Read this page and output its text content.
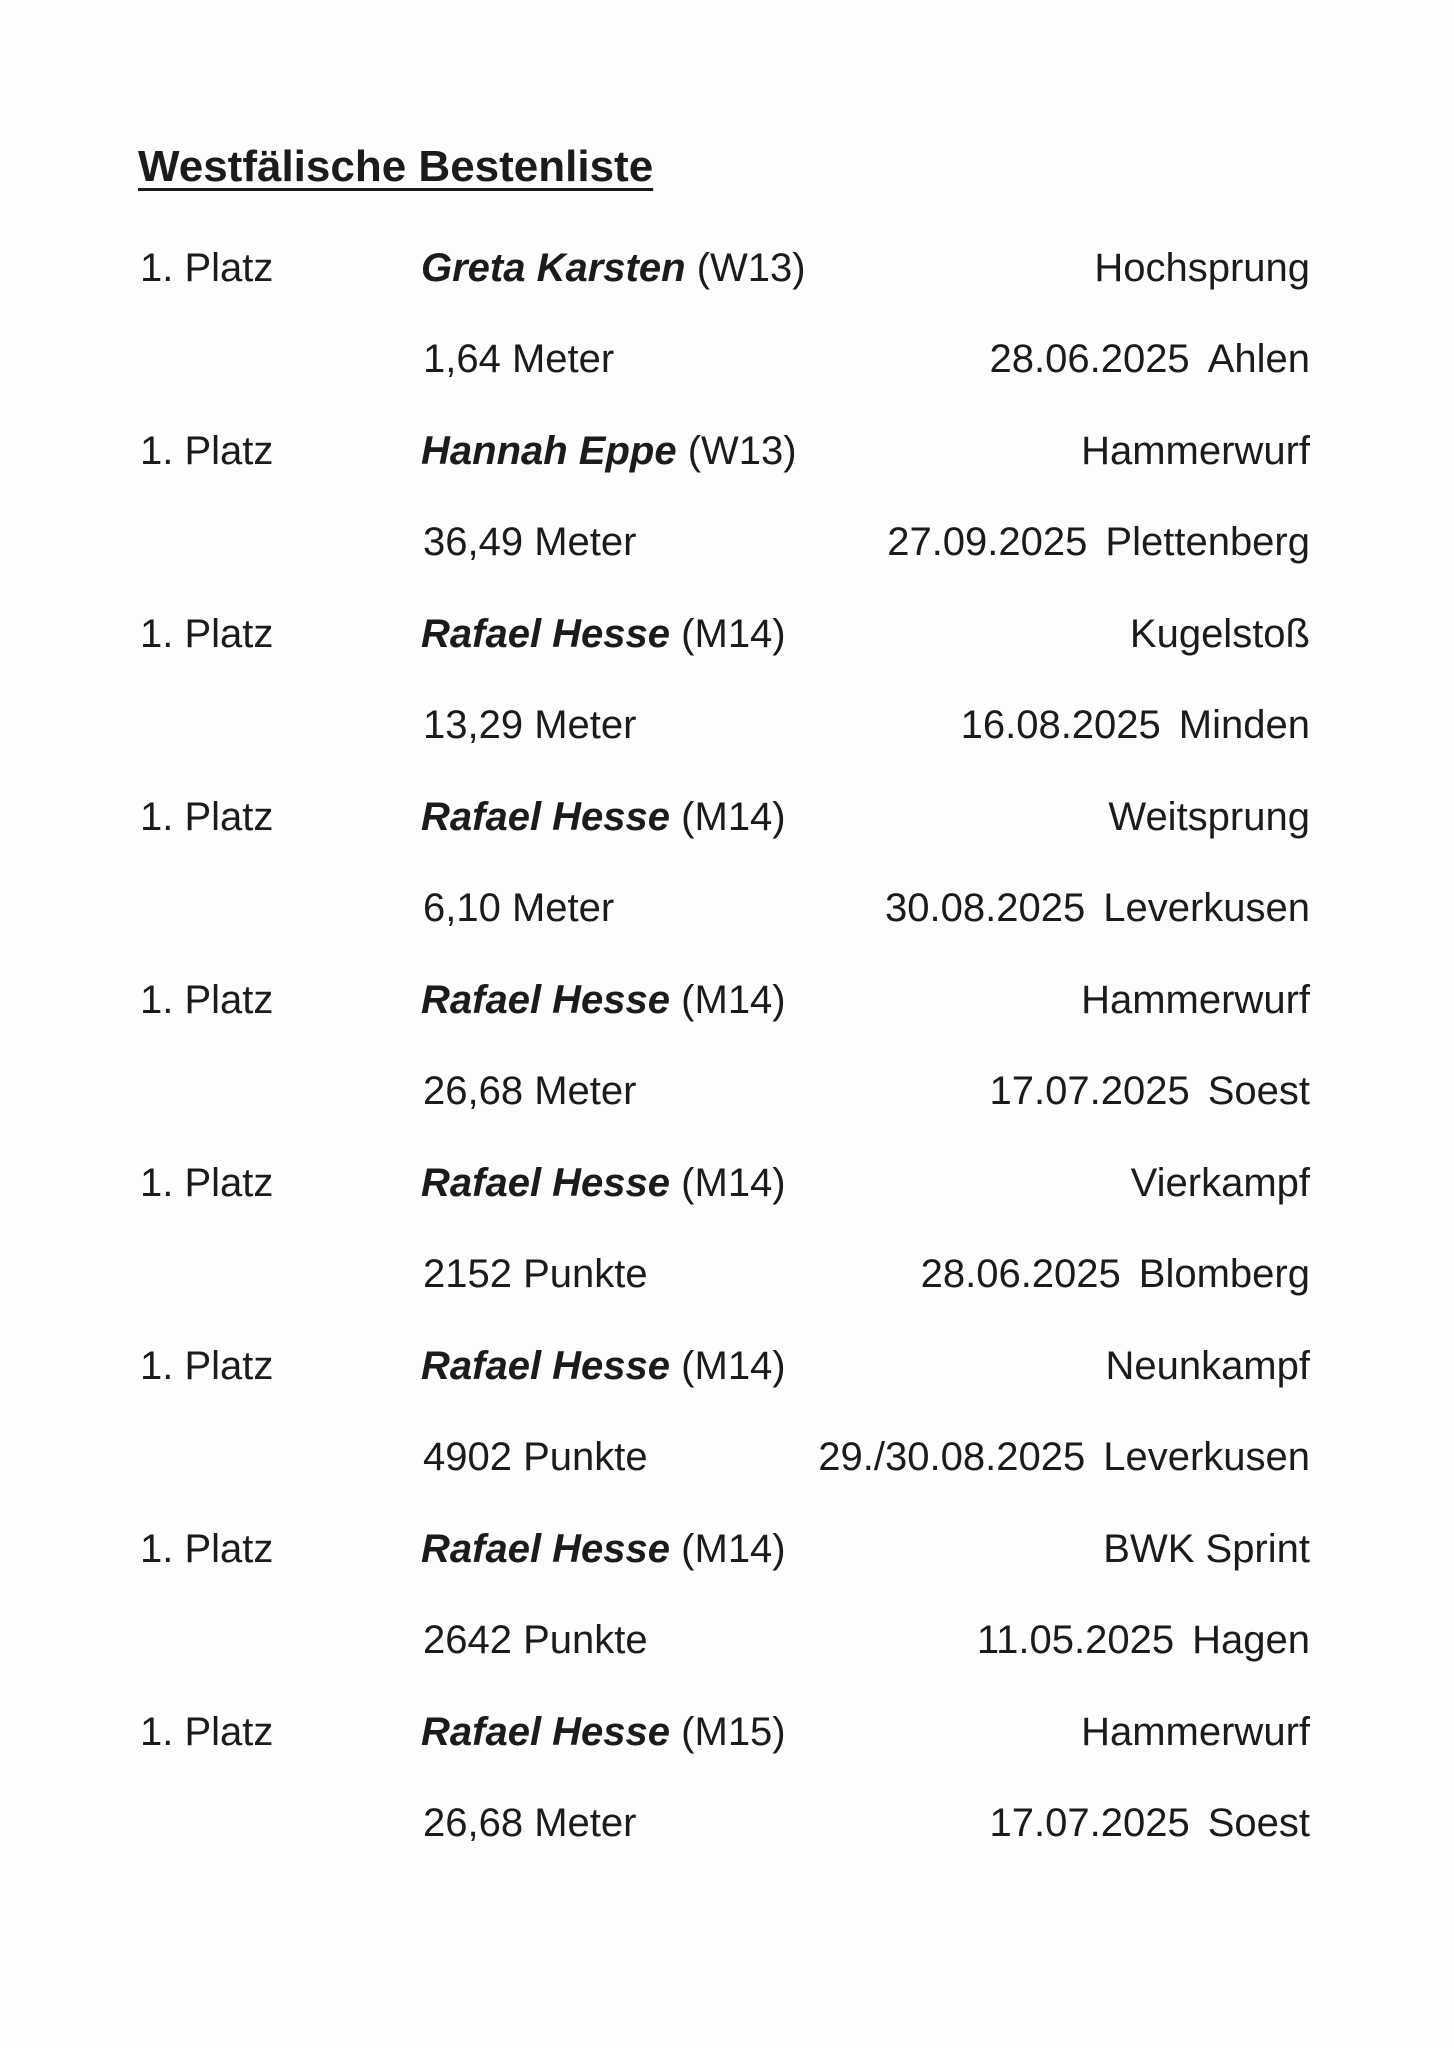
Westfälische Bestenliste
1. Platz	Greta Karsten (W13)	Hochsprung
1,64 Meter	28.06.2025 Ahlen
1. Platz	Hannah Eppe (W13)	Hammerwurf
36,49 Meter	27.09.2025 Plettenberg
1. Platz	Rafael Hesse (M14)	Kugelstoß
13,29 Meter	16.08.2025 Minden
1. Platz	Rafael Hesse (M14)	Weitsprung
6,10 Meter	30.08.2025 Leverkusen
1. Platz	Rafael Hesse (M14)	Hammerwurf
26,68 Meter	17.07.2025 Soest
1. Platz	Rafael Hesse (M14)	Vierkampf
2152 Punkte	28.06.2025 Blomberg
1. Platz	Rafael Hesse (M14)	Neunkampf
4902 Punkte	29./30.08.2025 Leverkusen
1. Platz	Rafael Hesse (M14)	BWK Sprint
2642 Punkte	11.05.2025 Hagen
1. Platz	Rafael Hesse (M15)	Hammerwurf
26,68 Meter	17.07.2025 Soest
